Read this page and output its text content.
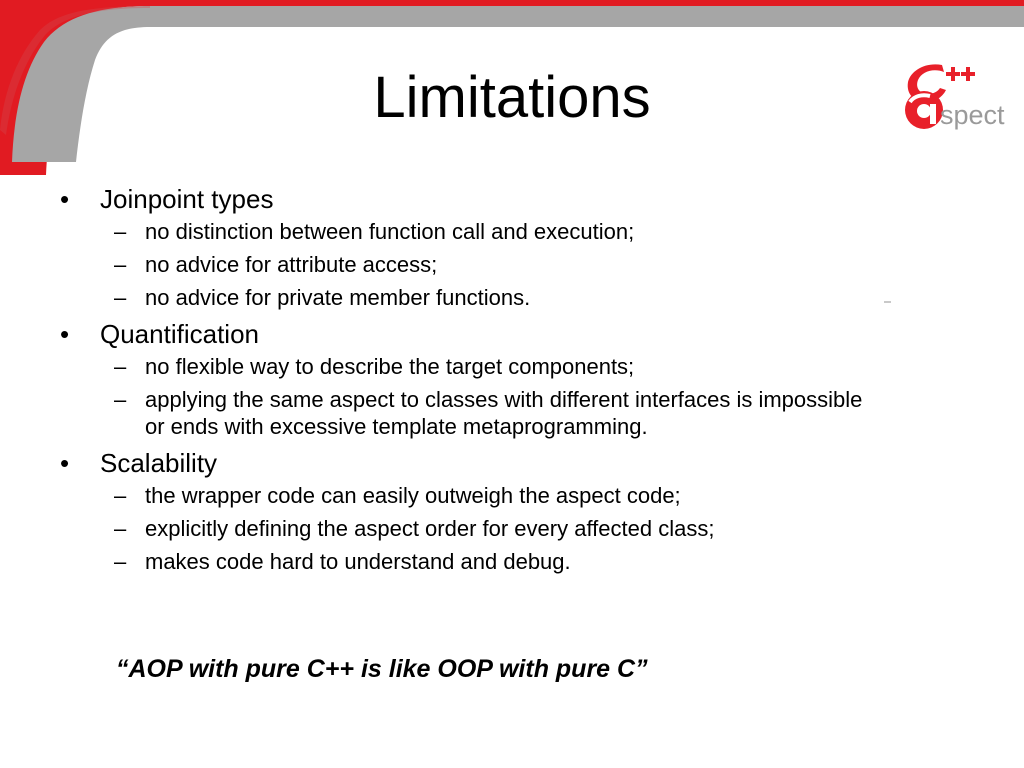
Limitations	spect
• Joinpoint types
– no distinction between function call and execution;
– no advice for attribute access;
– no advice for private member functions.
• Quantification
– no flexible way to describe the target components;
– applying the same aspect to classes with different interfaces is impossible or ends with excessive template metaprogramming.
• Scalability
– the wrapper code can easily outweigh the aspect code;
– explicitly defining the aspect order for every affected class;
– makes code hard to understand and debug.

“AOP with pure C++ is like OOP with pure C”
